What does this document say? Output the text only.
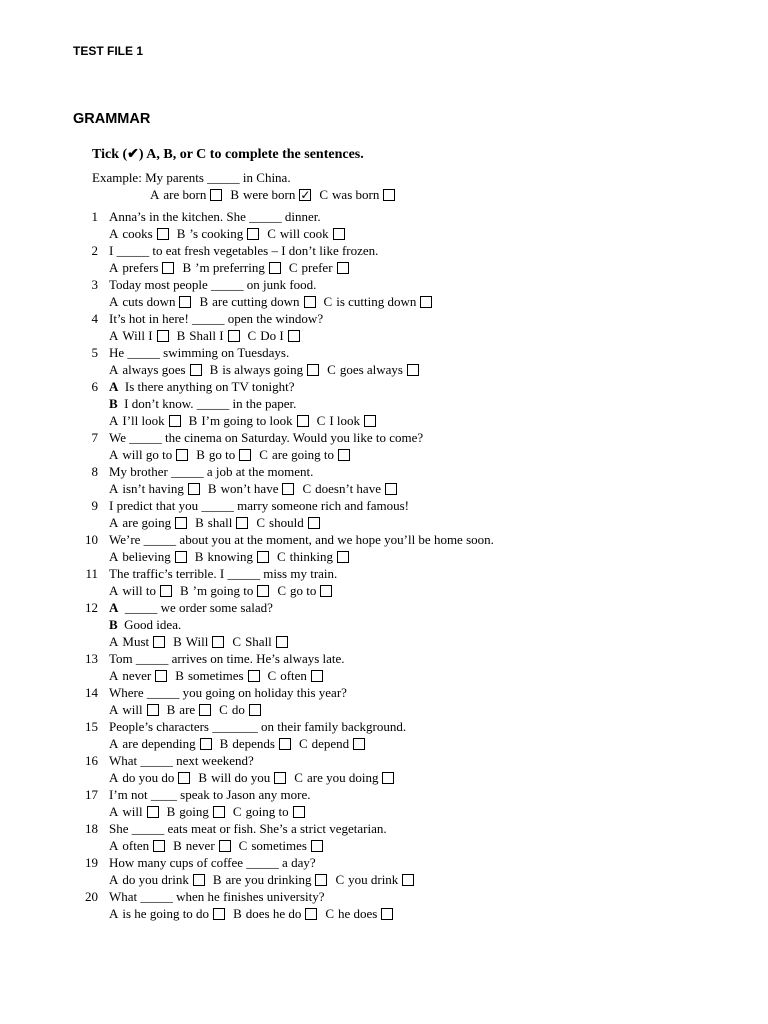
TEST FILE 1
GRAMMAR
Tick (✔) A, B, or C to complete the sentences.
Example: My parents _____ in China.
A are born B were born
✓ C was born
1 Anna’s in the kitchen. She _____ dinner.
A cooks B ’s cooking C will cook
2 I _____ to eat fresh vegetables – I don’t like frozen.
A prefers B ’m preferring C prefer
3 Today most people _____ on junk food.
A cuts down B are cutting down C is cutting down
4 It’s hot in here! _____ open the window?
A Will I B Shall I C Do I
5 He _____ swimming on Tuesdays.
A always goes B is always going C goes always
6 A Is there anything on TV tonight?
B I don’t know. _____ in the paper.
A I’ll look B I’m going to look C I look
7 We _____ the cinema on Saturday. Would you like to come?
A will go to B go to C are going to
8 My brother _____ a job at the moment.
A isn’t having B won’t have C doesn’t have
9 I predict that you _____ marry someone rich and famous!
A are going B shall C should
10 We’re _____ about you at the moment, and we hope you’ll be home soon.
A believing B knowing C thinking
11 The traffic’s terrible. I _____ miss my train.
A will to B ’m going to C go to
12 A _____ we order some salad?
B Good idea.
A Must B Will C Shall
13 Tom _____ arrives on time. He’s always late.
A never B sometimes C often
14 Where _____ you going on holiday this year?
A will B are C do
15 People’s characters _______ on their family background.
A are depending B depends C depend
16 What _____ next weekend?
A do you do B will do you C are you doing
17 I’m not ____ speak to Jason any more.
A will B going C going to
18 She _____ eats meat or fish. She’s a strict vegetarian.
A often B never C sometimes
19 How many cups of coffee _____ a day?
A do you drink B are you drinking C you drink
20 What _____ when he finishes university?
A is he going to do B does he do C he does
